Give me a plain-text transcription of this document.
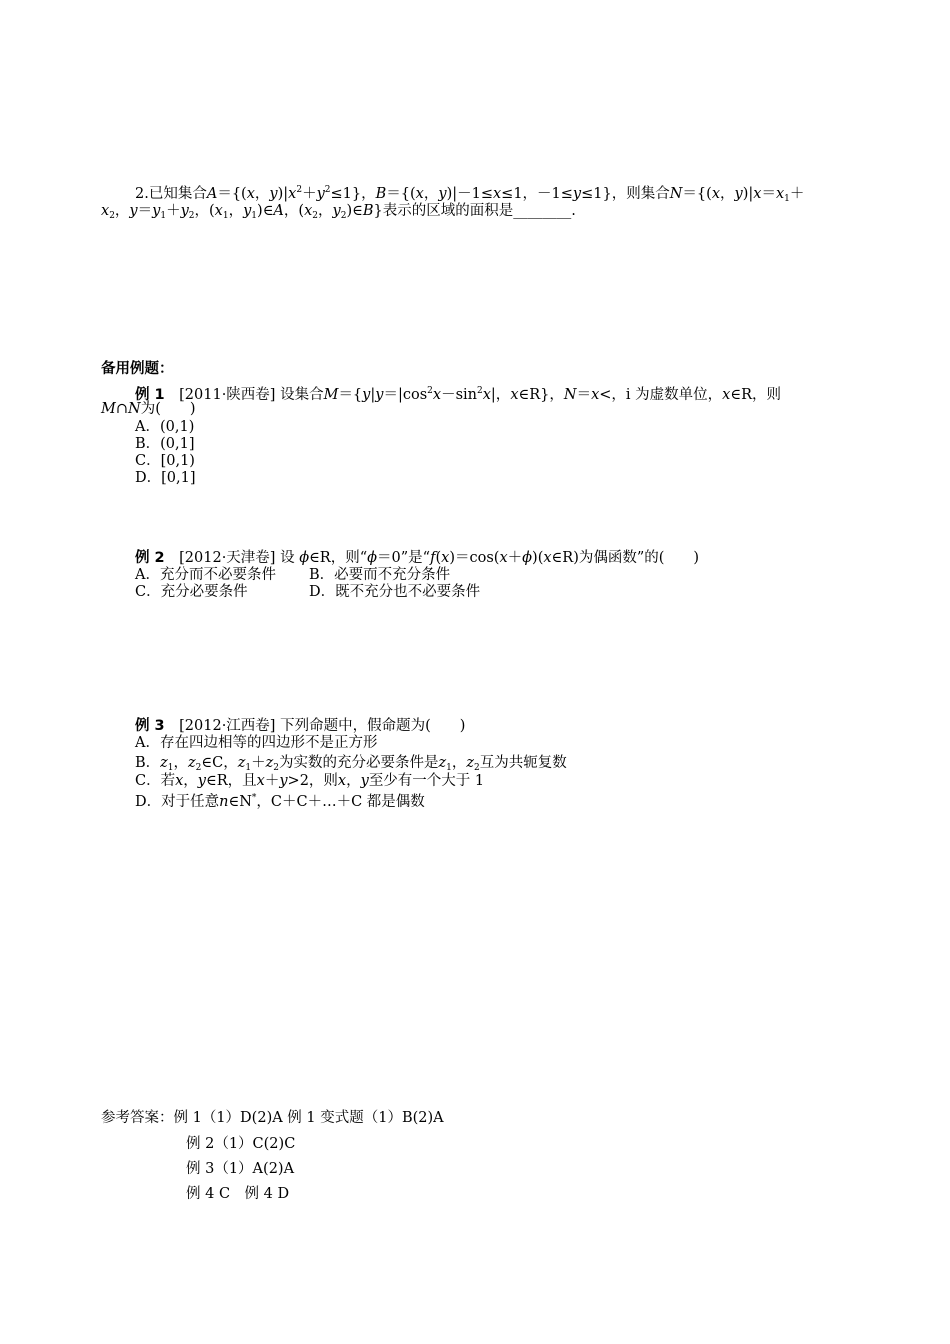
2.已知集合A＝{(x，$y)|x^2+y^2\le 1$}，B＝{(x，y)|－1≤x≤1，－1≤y≤1}，则集合N＝{(x，$y)|x=x_1+$
$x_2$，$y=y_1+y_2$，($x_1$，$y_1)\in A$，($x_2$，$y_2)\in B$}表示的区域的面积是________.
备用例题：
例 1　 [2011·陕西卷] 设集合$M=\{y|y=|\cos^2x-\sin^2x|$，x∈R}，N＝x<，i 为虚数单位，x∈R，则
M∩N为(　　)
A．(0,1)
B．(0,1]
C．[0,1)
D．[0,1]
例 2　 [2012·天津卷] 设 ϕ∈R，则“ϕ＝0”是“f(x)＝cos(x＋ϕ)(x∈R)为偶函数”的(　　)
A．充分而不必要条件 B．必要而不充分条件
C．充分必要条件	D．既不充分也不必要条件
例 3　 [2012·江西卷] 下列命题中，假命题为(　　)
A．存在四边相等的四边形不是正方形
B．$z_1$，$z_2\in C$，$z_1+z_2$为实数的充分必要条件是$z_1$，$z_2$互为共轭复数
C．若x，y∈R，且x＋y>2，则x，y至少有一个大于 1
D．对于任意n∈N*，C＋C＋…＋C 都是偶数
参考答案：例 1（1）D(2)A 例 1 变式题（1）B(2)A
例 2（1）C(2)C
例 3（1）A(2)A
例 4 C　例 4 D
